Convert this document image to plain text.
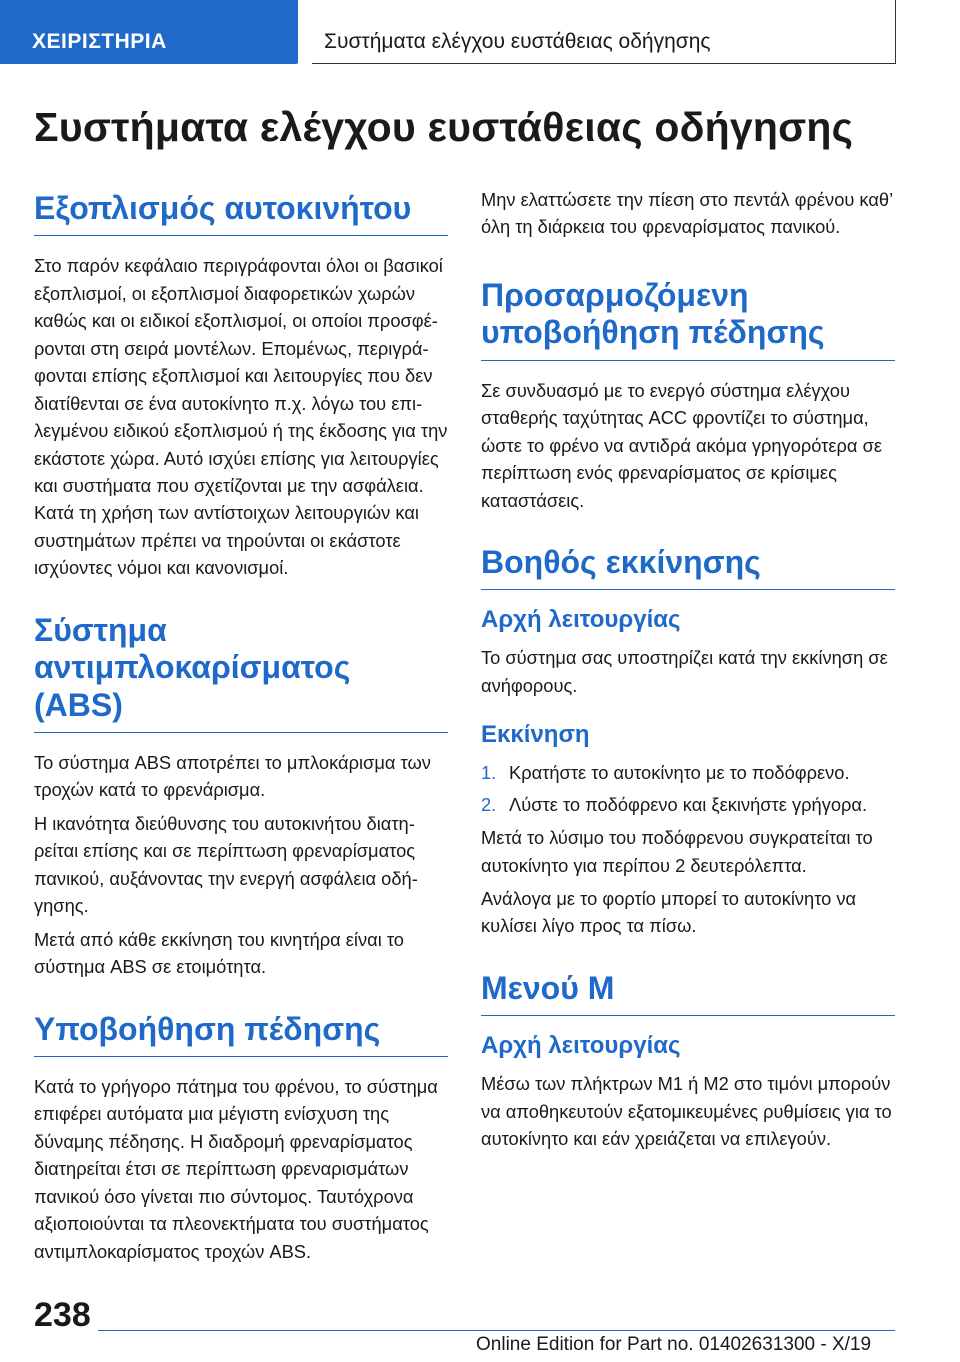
ΧΕΙΡΙΣΤΗΡΙΑ	Συστήματα ελέγχου ευστάθειας οδήγησης
Συστήματα ελέγχου ευστάθειας οδήγησης
Εξοπλισμός αυτοκινήτου

Στο παρόν κεφάλαιο περιγράφονται όλοι οι βασικοί εξοπλισμοί, οι εξοπλισμοί διαφορετικών χωρών καθώς και οι ειδικοί εξοπλισμοί, οι οποίοι προσφέρονται στη σειρά μοντέλων. Επομένως, περιγράφονται επίσης εξοπλισμοί και λειτουργίες που δεν διατίθενται σε ένα αυτοκίνητο π.χ. λόγω του επιλεγμένου ειδικού εξοπλισμού ή της έκδοσης για την εκάστοτε χώρα. Αυτό ισχύει επίσης για λειτουργίες και συστήματα που σχετίζονται με την ασφάλεια. Κατά τη χρήση των αντίστοιχων λειτουργιών και συστημάτων πρέπει να τηρούνται οι εκάστοτε ισχύοντες νόμοι και κανονισμοί.

Σύστημα αντιμπλοκαρίσματος (ABS)

Το σύστημα ABS αποτρέπει το μπλοκάρισμα των τροχών κατά το φρενάρισμα.

Η ικανότητα διεύθυνσης του αυτοκινήτου διατηρείται επίσης και σε περίπτωση φρεναρίσματος πανικού, αυξάνοντας την ενεργή ασφάλεια οδήγησης.

Μετά από κάθε εκκίνηση του κινητήρα είναι το σύστημα ABS σε ετοιμότητα.

Υποβοήθηση πέδησης

Κατά το γρήγορο πάτημα του φρένου, το σύστημα επιφέρει αυτόματα μια μέγιστη ενίσχυση της δύναμης πέδησης. Η διαδρομή φρεναρίσματος διατηρείται έτσι σε περίπτωση φρεναρισμάτων πανικού όσο γίνεται πιο σύντομος. Ταυτόχρονα αξιοποιούνται τα πλεονεκτήματα του συστήματος αντιμπλοκαρίσματος τροχών ABS.

Μην ελαττώσετε την πίεση στο πεντάλ φρένου καθ’ όλη τη διάρκεια του φρεναρίσματος πανικού.

Προσαρμοζόμενη υποβοήθηση πέδησης

Σε συνδυασμό με το ενεργό σύστημα ελέγχου σταθερής ταχύτητας ACC φροντίζει το σύστημα, ώστε το φρένο να αντιδρά ακόμα γρηγορότερα σε περίπτωση ενός φρεναρίσματος σε κρίσιμες καταστάσεις.

Βοηθός εκκίνησης
Αρχή λειτουργίας

Το σύστημα σας υποστηρίζει κατά την εκκίνηση σε ανήφορους.

Εκκίνηση
1. Κρατήστε το αυτοκίνητο με το ποδόφρενο.
2. Λύστε το ποδόφρενο και ξεκινήστε γρήγορα.

Μετά το λύσιμο του ποδόφρενου συγκρατείται το αυτοκίνητο για περίπου 2 δευτερόλεπτα.

Ανάλογα με το φορτίο μπορεί το αυτοκίνητο να κυλίσει λίγο προς τα πίσω.

Μενού M
Αρχή λειτουργίας

Μέσω των πλήκτρων M1 ή M2 στο τιμόνι μπορούν να αποθηκευτούν εξατομικευμένες ρυθμίσεις για το αυτοκίνητο και εάν χρειάζεται να επιλεγούν.

238
Online Edition for Part no. 01402631300 - X/19
